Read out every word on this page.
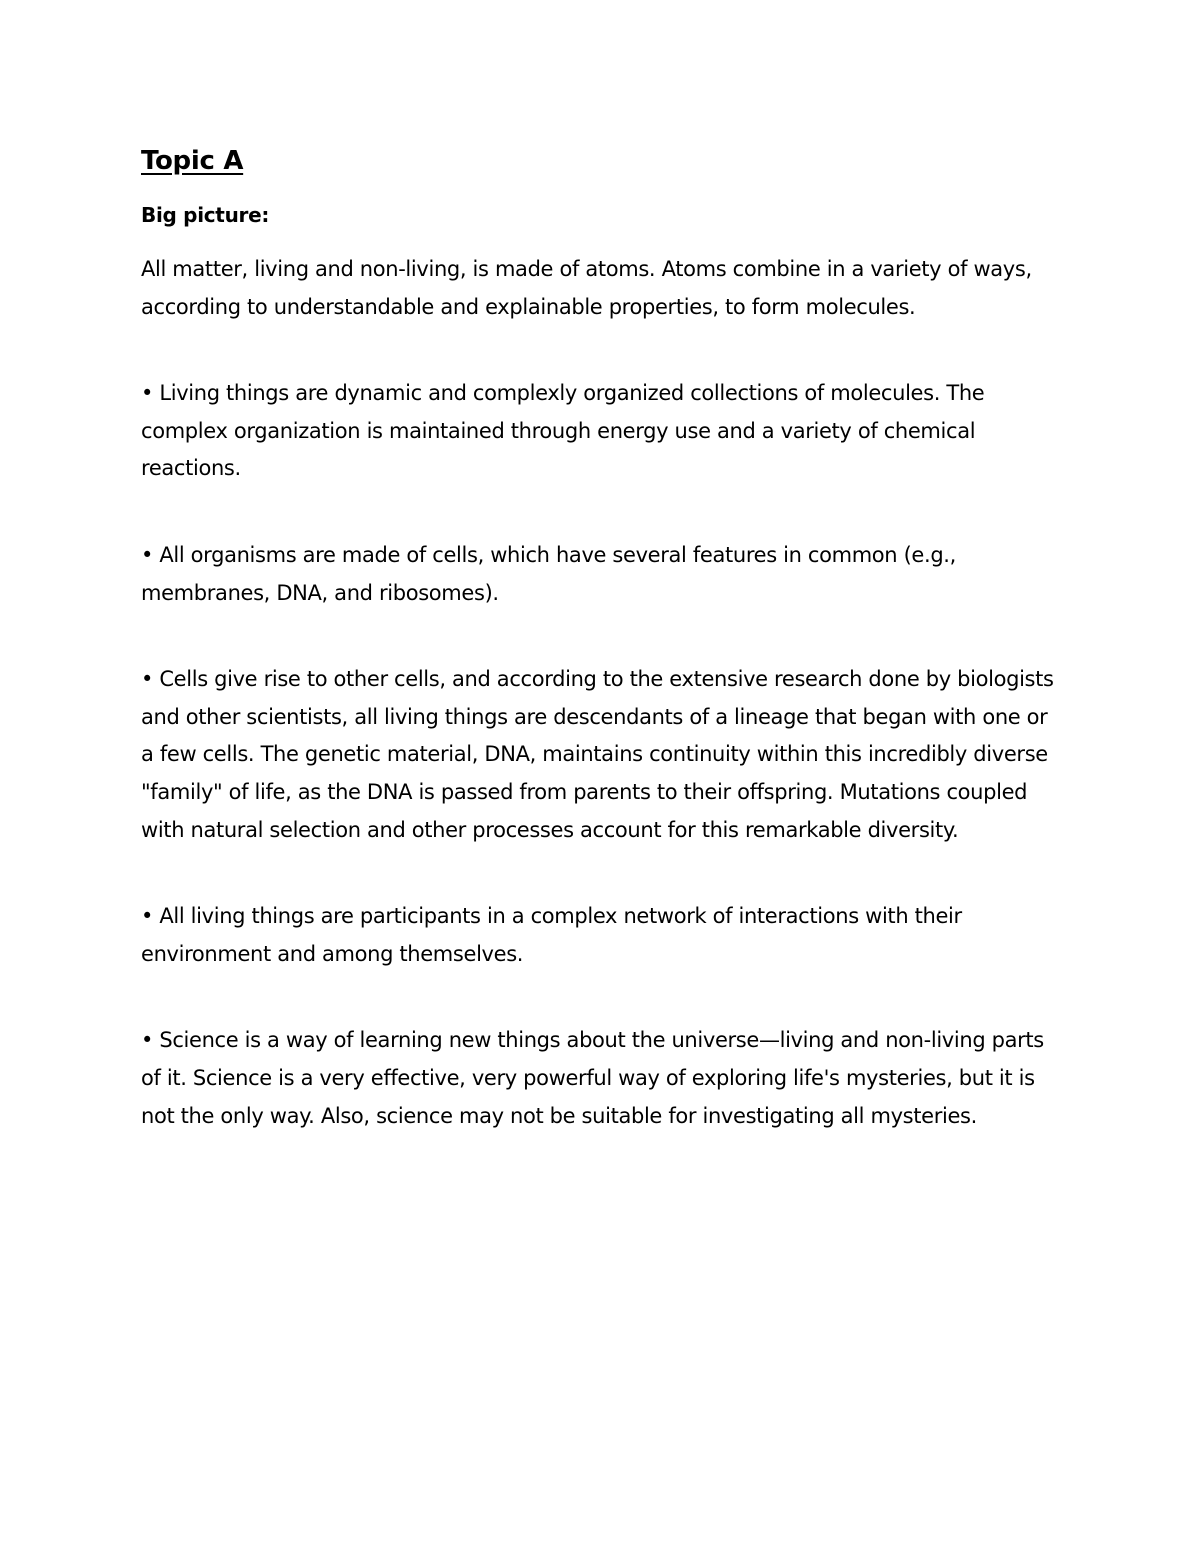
Topic A

Big picture:

All matter, living and non-living, is made of atoms. Atoms combine in a variety of ways, according to understandable and explainable properties, to form molecules.

• Living things are dynamic and complexly organized collections of molecules. The complex organization is maintained through energy use and a variety of chemical reactions.

• All organisms are made of cells, which have several features in common (e.g., membranes, DNA, and ribosomes).

• Cells give rise to other cells, and according to the extensive research done by biologists and other scientists, all living things are descendants of a lineage that began with one or a few cells. The genetic material, DNA, maintains continuity within this incredibly diverse "family" of life, as the DNA is passed from parents to their offspring. Mutations coupled with natural selection and other processes account for this remarkable diversity.

• All living things are participants in a complex network of interactions with their environment and among themselves.

• Science is a way of learning new things about the universe—living and non-living parts of it. Science is a very effective, very powerful way of exploring life's mysteries, but it is not the only way. Also, science may not be suitable for investigating all mysteries.
